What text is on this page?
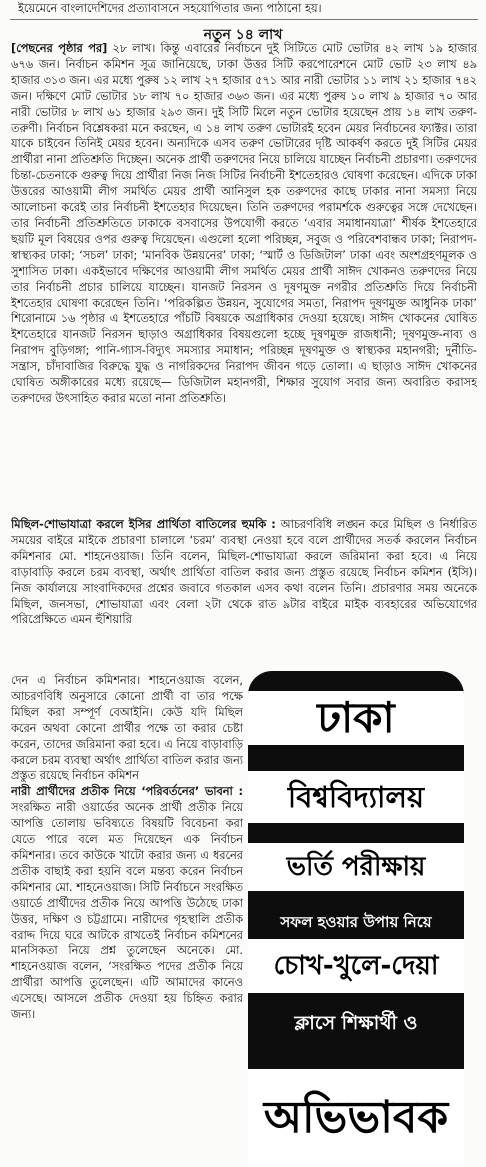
ইয়েমেনে বাংলাদেশিদের প্রত্যাবাসনে সহযোগিতার জন্য পাঠানো হয়।
নতুন ১৪ লাখ

[পেছনের পৃষ্ঠার পর] ২৮ লাখ। কিন্তু এবারের নির্বাচনে দুই সিটিতে মোট ভোটার ৪২ লাখ ১৯ হাজার ৬৭৬ জন। নির্বাচন কমিশন সূত্র জানিয়েছে, ঢাকা উত্তর সিটি করপোরেশনে মোট ভোট ২৩ লাখ ৪৯ হাজার ৩১৩ জন। এর মধ্যে পুরুষ ১২ লাখ ২৭ হাজার ৫৭১ আর নারী ভোটার ১১ লাখ ২১ হাজার ৭৪২ জন। দক্ষিণে মোট ভোটার ১৮ লাখ ৭০ হাজার ৩৬৩ জন। এর মধ্যে পুরুষ ১০ লাখ ৯ হাজার ৭০ আর নারী ভোটার ৮ লাখ ৬১ হাজার ২৯৩ জন। দুই সিটি মিলে নতুন ভোটার হয়েছেন প্রায় ১৪ লাখ তরুণ-তরুণী। নির্বাচন বিশ্লেষকরা মনে করছেন, এ ১৪ লাখ তরুণ ভোটারই হবেন মেয়র নির্বাচনের ফ্যাক্টর। তারা যাকে চাইবেন তিনিই মেয়র হবেন। অন্যদিকে এসব তরুণ ভোটারের দৃষ্টি আকর্ষণ করতে দুই সিটির মেয়র প্রার্থীরা নানা প্রতিশ্রুতি দিচ্ছেন। অনেক প্রার্থী তরুণদের নিয়ে চালিয়ে যাচ্ছেন নির্বাচনী প্রচারণা। তরুণদের চিন্তা-চেতনাকে গুরুত্ব দিয়ে প্রার্থীরা নিজ নিজ সিটির নির্বাচনী ইশতেহারও ঘোষণা করেছেন। এদিকে ঢাকা উত্তরের আওয়ামী লীগ সমর্থিত মেয়র প্রার্থী আনিসুল হক তরুণদের কাছে ঢাকার নানা সমস্যা নিয়ে আলোচনা করেই তার নির্বাচনী ইশতেহার দিয়েছেন। তিনি তরুণদের পরামর্শকে গুরুত্বের সঙ্গে দেখেছেন। তার নির্বাচনী প্রতিশ্রুতিতে ঢাকাকে বসবাসের উপযোগী করতে ‘এবার সমাধানযাত্রা’ শীর্ষক ইশতেহারে ছয়টি মূল বিষয়ের ওপর গুরুত্ব দিয়েছেন। এগুলো হলো পরিচ্ছন্ন, সবুজ ও পরিবেশবান্ধব ঢাকা; নিরাপদ-স্বাস্থ্যকর ঢাকা; ‘সচল’ ঢাকা; ‘মানবিক উন্নয়নের’ ঢাকা; ‘স্মার্ট ও ডিজিটাল’ ঢাকা এবং অংশগ্রহণমূলক ও সুশাসিত ঢাকা। একইভাবে দক্ষিণের আওয়ামী লীগ সমর্থিত মেয়র প্রার্থী সাঈদ খোকনও তরুণদের নিয়ে তার নির্বাচনী প্রচার চালিয়ে যাচ্ছেন। যানজট নিরসন ও দূষণমুক্ত নগরীর প্রতিশ্রুতি দিয়ে নির্বাচনী ইশতেহার ঘোষণা করেছেন তিনি। ‘পরিকল্পিত উন্নয়ন, সুযোগের সমতা, নিরাপদ দূষণমুক্ত আধুনিক ঢাকা’ শিরোনামে ১৬ পৃষ্ঠার এ ইশতেহারে পাঁচটি বিষয়কে অগ্রাধিকার দেওয়া হয়েছে। সাঈদ খোকনের ঘোষিত ইশতেহারে যানজট নিরসন ছাড়াও অগ্রাধিকার বিষয়গুলো হচ্ছে দূষণমুক্ত রাজধানী; দূষণমুক্ত-নাব্য ও নিরাপদ বুড়িগঙ্গা; পানি-গ্যাস-বিদ্যুৎ সমস্যার সমাধান; পরিচ্ছন্ন দূষণমুক্ত ও স্বাস্থ্যকর মহানগরী; দুর্নীতি-সন্ত্রাস, চাঁদাবাজির বিরুদ্ধে যুদ্ধ ও নাগরিকদের নিরাপদ জীবন গড়ে তোলা। এ ছাড়াও সাঈদ খোকনের ঘোষিত অঙ্গীকারের মধ্যে রয়েছে— ডিজিটাল মহানগরী, শিক্ষার সুযোগ সবার জন্য অবারিত করাসহ তরুণদের উৎসাহিত করার মতো নানা প্রতিশ্রুতি।

মিছিল-শোভাযাত্রা করলে ইসির প্রার্থিতা বাতিলের হুমকি : আচরণবিধি লঙ্ঘন করে মিছিল ও নির্ধারিত সময়ের বাইরে মাইকে প্রচারণা চালালে ‘চরম’ ব্যবস্থা নেওয়া হবে বলে প্রার্থীদের সতর্ক করলেন নির্বাচন কমিশনার মো. শাহনেওয়াজ। তিনি বলেন, মিছিল-শোভাযাত্রা করলে জরিমানা করা হবে। এ নিয়ে বাড়াবাড়ি করলে চরম ব্যবস্থা, অর্থাৎ প্রার্থিতা বাতিল করার জন্য প্রস্তুত রয়েছে নির্বাচন কমিশন (ইসি)। নিজ কার্যালয়ে সাংবাদিকদের প্রশ্নের জবাবে গতকাল এসব কথা বলেন তিনি। প্রচারণার সময় অনেকে মিছিল, জনসভা, শোভাযাত্রা এবং বেলা ২টা থেকে রাত ৯টার বাইরে মাইক ব্যবহারের অভিযোগের পরিপ্রেক্ষিতে এমন হুঁশিয়ারি

দেন এ নির্বাচন কমিশনার। শাহনেওয়াজ বলেন, আচরণবিধি অনুসারে কোনো প্রার্থী বা তার পক্ষে মিছিল করা সম্পূর্ণ বেআইনি। কেউ যদি মিছিল করেন অথবা কোনো প্রার্থীর পক্ষে তা করার চেষ্টা করেন, তাদের জরিমানা করা হবে। এ নিয়ে বাড়াবাড়ি করলে চরম ব্যবস্থা অর্থাৎ প্রার্থিতা বাতিল করার জন্য প্রস্তুত রয়েছে নির্বাচন কমিশন
নারী প্রার্থীদের প্রতীক নিয়ে ‘পরিবর্তনের’ ভাবনা : সংরক্ষিত নারী ওয়ার্ডের অনেক প্রার্থী প্রতীক নিয়ে আপত্তি তোলায় ভবিষ্যতে বিষয়টি বিবেচনা করা যেতে পারে বলে মত দিয়েছেন এক নির্বাচন কমিশনার। তবে কাউকে খাটো করার জন্য এ ধরনের প্রতীক বাছাই করা হয়নি বলে মন্তব্য করেন নির্বাচন কমিশনার মো. শাহনেওয়াজ। সিটি নির্বাচনে সংরক্ষিত ওয়ার্ডে প্রার্থীদের প্রতীক নিয়ে আপত্তি উঠেছে ঢাকা উত্তর, দক্ষিণ ও চট্টগ্রামে। নারীদের গৃহস্থালি প্রতীক বরাদ্দ দিয়ে ঘরে আটকে রাখতেই নির্বাচন কমিশনের মানসিকতা নিয়ে প্রশ্ন তুলেছেন অনেকে। মো. শাহনেওয়াজ বলেন, ‘সংরক্ষিত পদের প্রতীক নিয়ে প্রার্থীরা আপত্তি তুলেছেন। এটি আমাদের কানেও এসেছে। আসলে প্রতীক দেওয়া হয় চিহ্নিত করার জন্য।
ঢাকা
বিশ্ববিদ্যালয়
ভর্তি পরীক্ষায়
সফল হওয়ার উপায় নিয়ে
চোখ-খুলে-দেয়া
ক্লাসে শিক্ষার্থী ও
অভিভাবক
